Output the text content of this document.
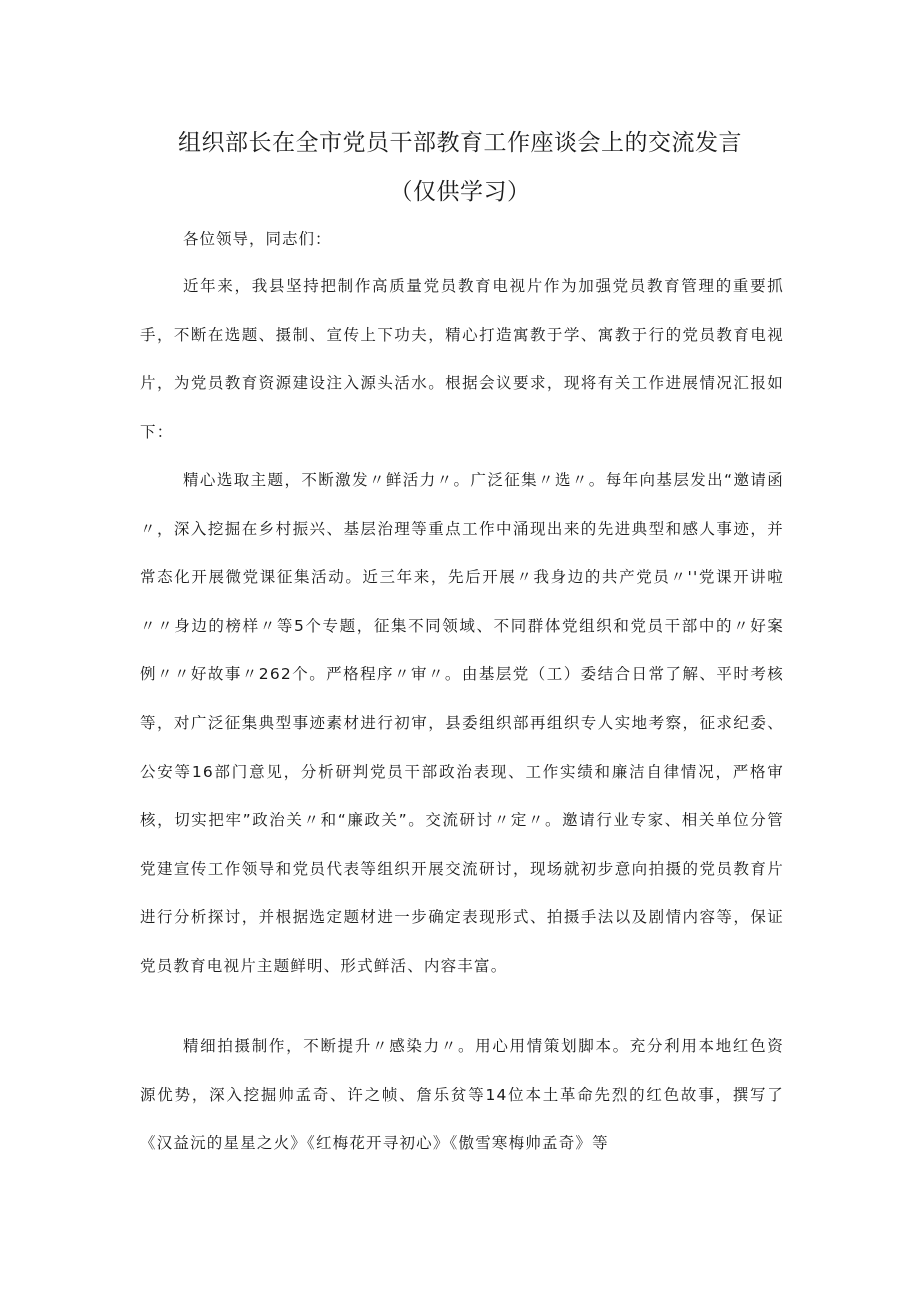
组织部长在全市党员干部教育工作座谈会上的交流发言
（仅供学习）

各位领导，同志们：

近年来，我县坚持把制作高质量党员教育电视片作为加强党员教育管理的重要抓手，不断在选题、摄制、宣传上下功夫，精心打造寓教于学、寓教于行的党员教育电视片，为党员教育资源建设注入源头活水。根据会议要求，现将有关工作进展情况汇报如下：

精心选取主题，不断激发〃鲜活力〃。广泛征集〃选〃。每年向基层发出“邀请函〃，深入挖掘在乡村振兴、基层治理等重点工作中涌现出来的先进典型和感人事迹，并常态化开展微党课征集活动。近三年来，先后开展〃我身边的共产党员〃''党课开讲啦〃〃身边的榜样〃等5个专题，征集不同领域、不同群体党组织和党员干部中的〃好案例〃〃好故事〃262个。严格程序〃审〃。由基层党（工）委结合日常了解、平时考核等，对广泛征集典型事迹素材进行初审，县委组织部再组织专人实地考察，征求纪委、公安等16部门意见，分析研判党员干部政治表现、工作实绩和廉洁自律情况，严格审核，切实把牢”政治关〃和“廉政关”。交流研讨〃定〃。邀请行业专家、相关单位分管党建宣传工作领导和党员代表等组织开展交流研讨，现场就初步意向拍摄的党员教育片进行分析探讨，并根据选定题材进一步确定表现形式、拍摄手法以及剧情内容等，保证党员教育电视片主题鲜明、形式鲜活、内容丰富。

精细拍摄制作，不断提升〃感染力〃。用心用情策划脚本。充分利用本地红色资源优势，深入挖掘帅孟奇、许之帧、詹乐贫等14位本土革命先烈的红色故事，撰写了《汉益沅的星星之火》《红梅花开寻初心》《傲雪寒梅帅孟奇》等
